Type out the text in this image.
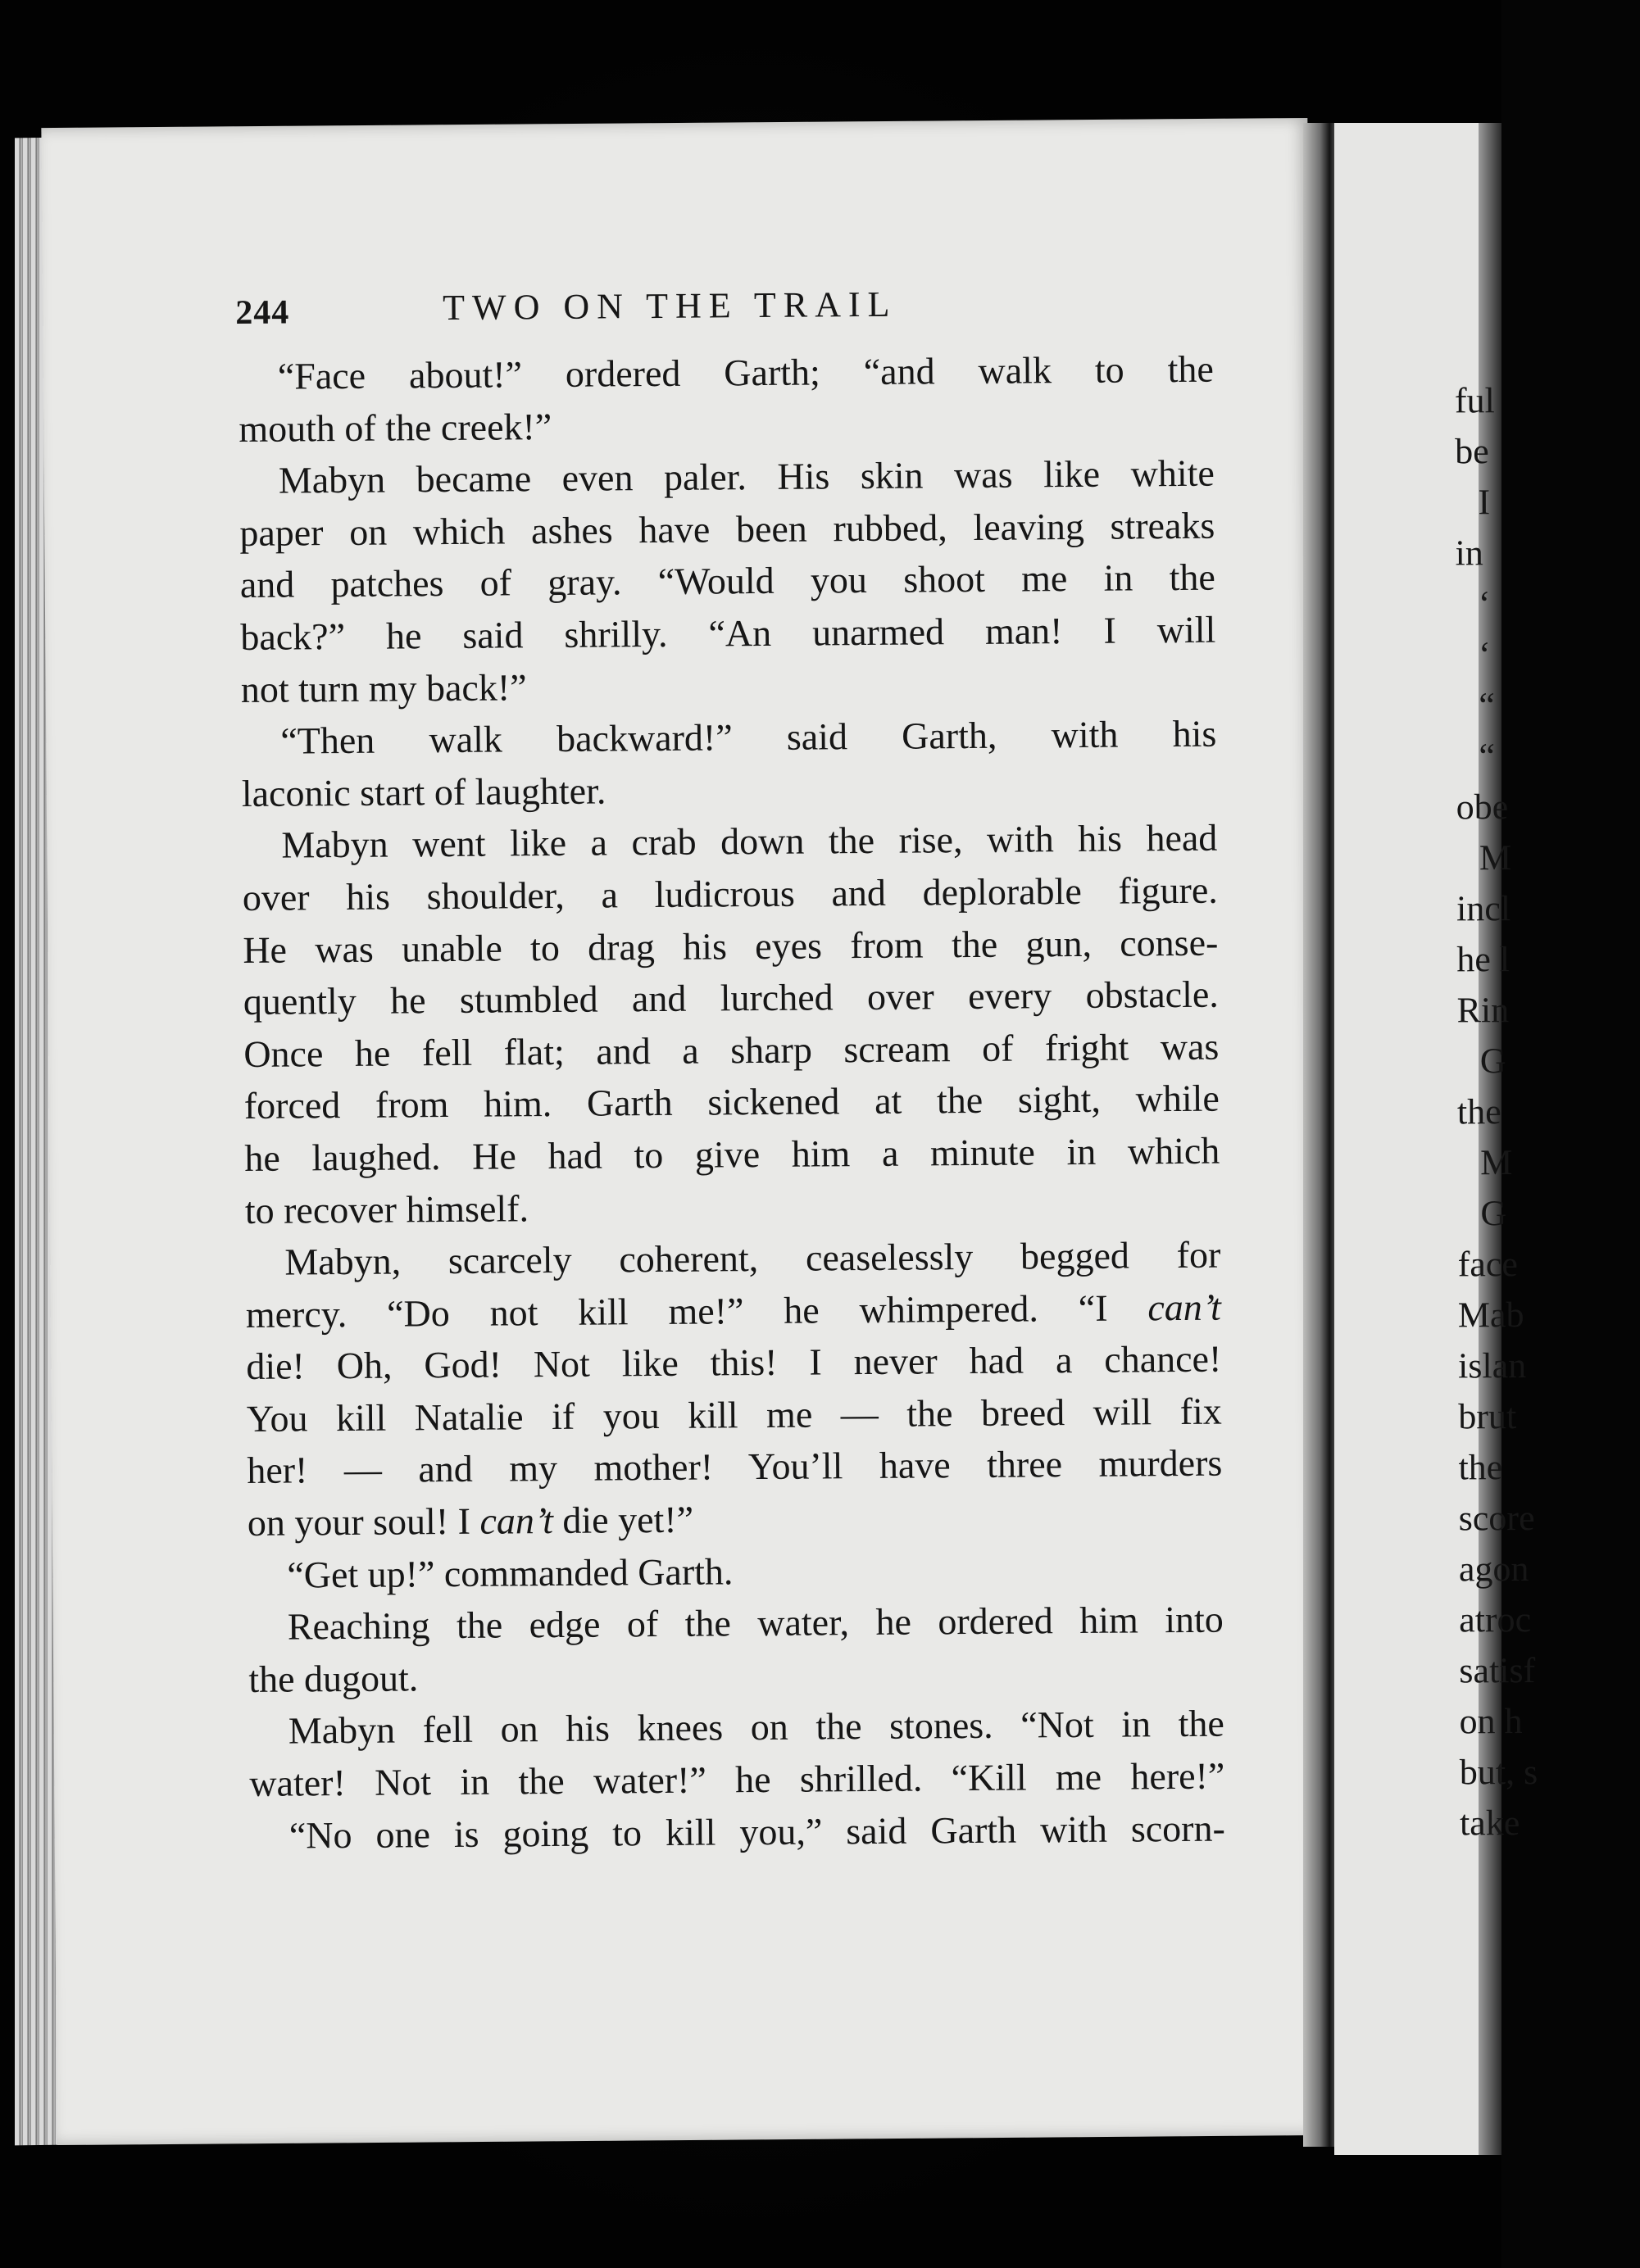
244	TWO ON THE TRAIL
“Face about!” ordered Garth; “and walk to the
mouth of the creek!”
Mabyn became even paler. His skin was like white
paper on which ashes have been rubbed, leaving streaks
and patches of gray. “Would you shoot me in the
back?” he said shrilly. “An unarmed man! I will
not turn my back!”
“Then walk backward!” said Garth, with his
laconic start of laughter.
Mabyn went like a crab down the rise, with his head
over his shoulder, a ludicrous and deplorable figure.
He was unable to drag his eyes from the gun, conse-
quently he stumbled and lurched over every obstacle.
Once he fell flat; and a sharp scream of fright was
forced from him. Garth sickened at the sight, while
he laughed. He had to give him a minute in which
to recover himself.
Mabyn, scarcely coherent, ceaselessly begged for
mercy. “Do not kill me!” he whimpered. “I can’t
die! Oh, God! Not like this! I never had a chance!
You kill Natalie if you kill me — the breed will fix
her! — and my mother! You’ll have three murders
on your soul! I can’t die yet!”
“Get up!” commanded Garth.
Reaching the edge of the water, he ordered him into
the dugout.
Mabyn fell on his knees on the stones. “Not in the
water! Not in the water!” he shrilled. “Kill me here!”
“No one is going to kill you,” said Garth with scorn-
ful
be
I
in
‘
‘
“
“
obe
M
incl
he l
Rin
G
the
M
G
face
Mab
islan
brut
the
score
agon
atroc
satisf
on h
but, s
take
